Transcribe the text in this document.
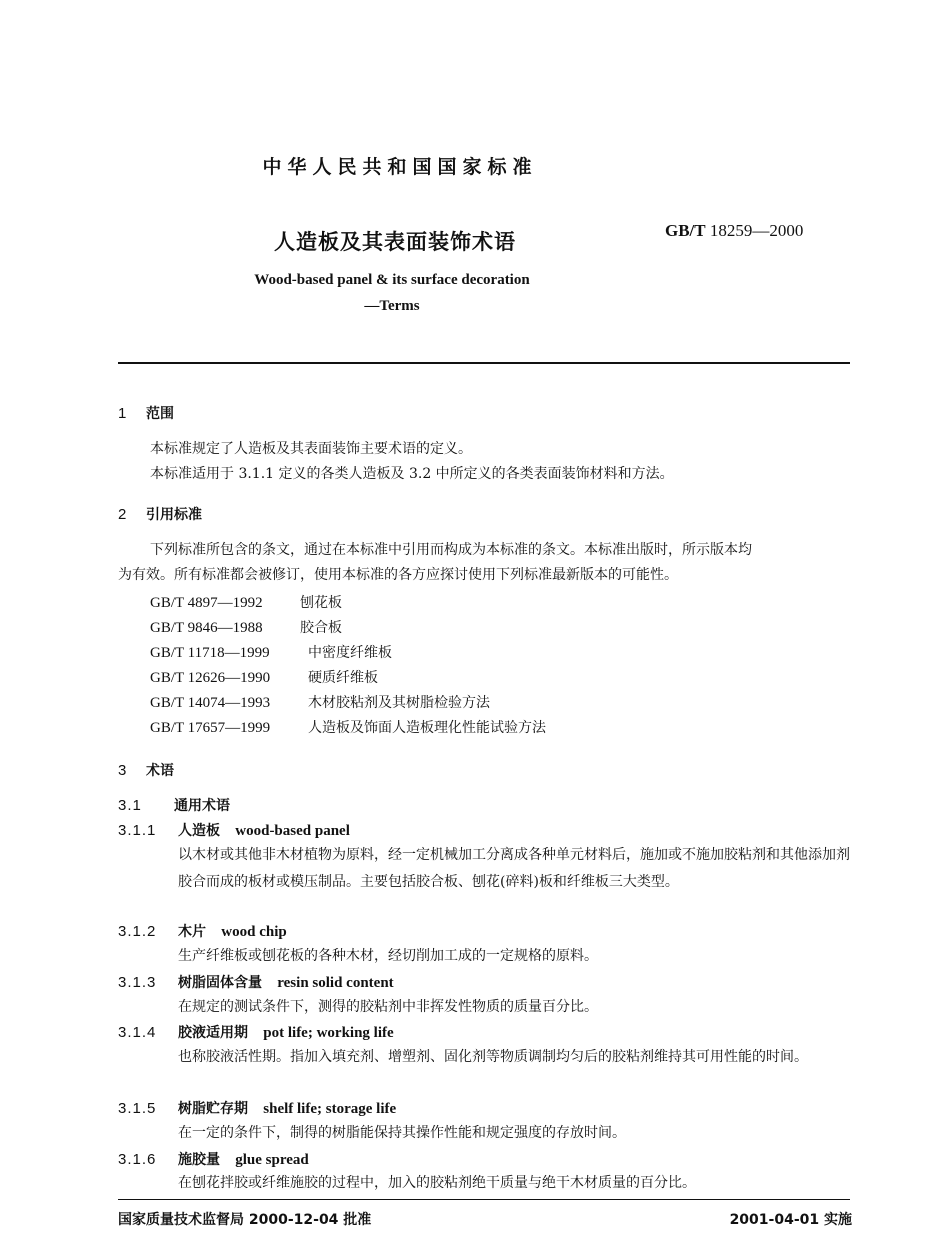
中华人民共和国国家标准
人造板及其表面装饰术语	GB/T 18259—2000
Wood-based panel & its surface decoration
—Terms
1 范围
本标准规定了人造板及其表面装饰主要术语的定义。
本标准适用于 3.1.1 定义的各类人造板及 3.2 中所定义的各类表面装饰材料和方法。
2 引用标准
下列标准所包含的条文，通过在本标准中引用而构成为本标准的条文。本标准出版时，所示版本均
为有效。所有标准都会被修订，使用本标准的各方应探讨使用下列标准最新版本的可能性。
GB/T 4897—1992	刨花板
GB/T 9846—1988	胶合板
GB/T 11718—1999	中密度纤维板
GB/T 12626—1990	硬质纤维板
GB/T 14074—1993	木材胶粘剂及其树脂检验方法
GB/T 17657—1999	人造板及饰面人造板理化性能试验方法
3 术语
3.1 通用术语
3.1.1 人造板 wood-based panel
以木材或其他非木材植物为原料，经一定机械加工分离成各种单元材料后，施加或不施加胶粘剂和其他添加剂胶合而成的板材或模压制品。主要包括胶合板、刨花(碎料)板和纤维板三大类型。
3.1.2 木片 wood chip
生产纤维板或刨花板的各种木材，经切削加工成的一定规格的原料。
3.1.3 树脂固体含量 resin solid content
在规定的测试条件下，测得的胶粘剂中非挥发性物质的质量百分比。
3.1.4 胶液适用期 pot life; working life
也称胶液活性期。指加入填充剂、增塑剂、固化剂等物质调制均匀后的胶粘剂维持其可用性能的时间。
3.1.5 树脂贮存期 shelf life; storage life
在一定的条件下，制得的树脂能保持其操作性能和规定强度的存放时间。
3.1.6 施胶量 glue spread
在刨花拌胶或纤维施胶的过程中，加入的胶粘剂绝干质量与绝干木材质量的百分比。
国家质量技术监督局 2000-12-04 批准	2001-04-01 实施
